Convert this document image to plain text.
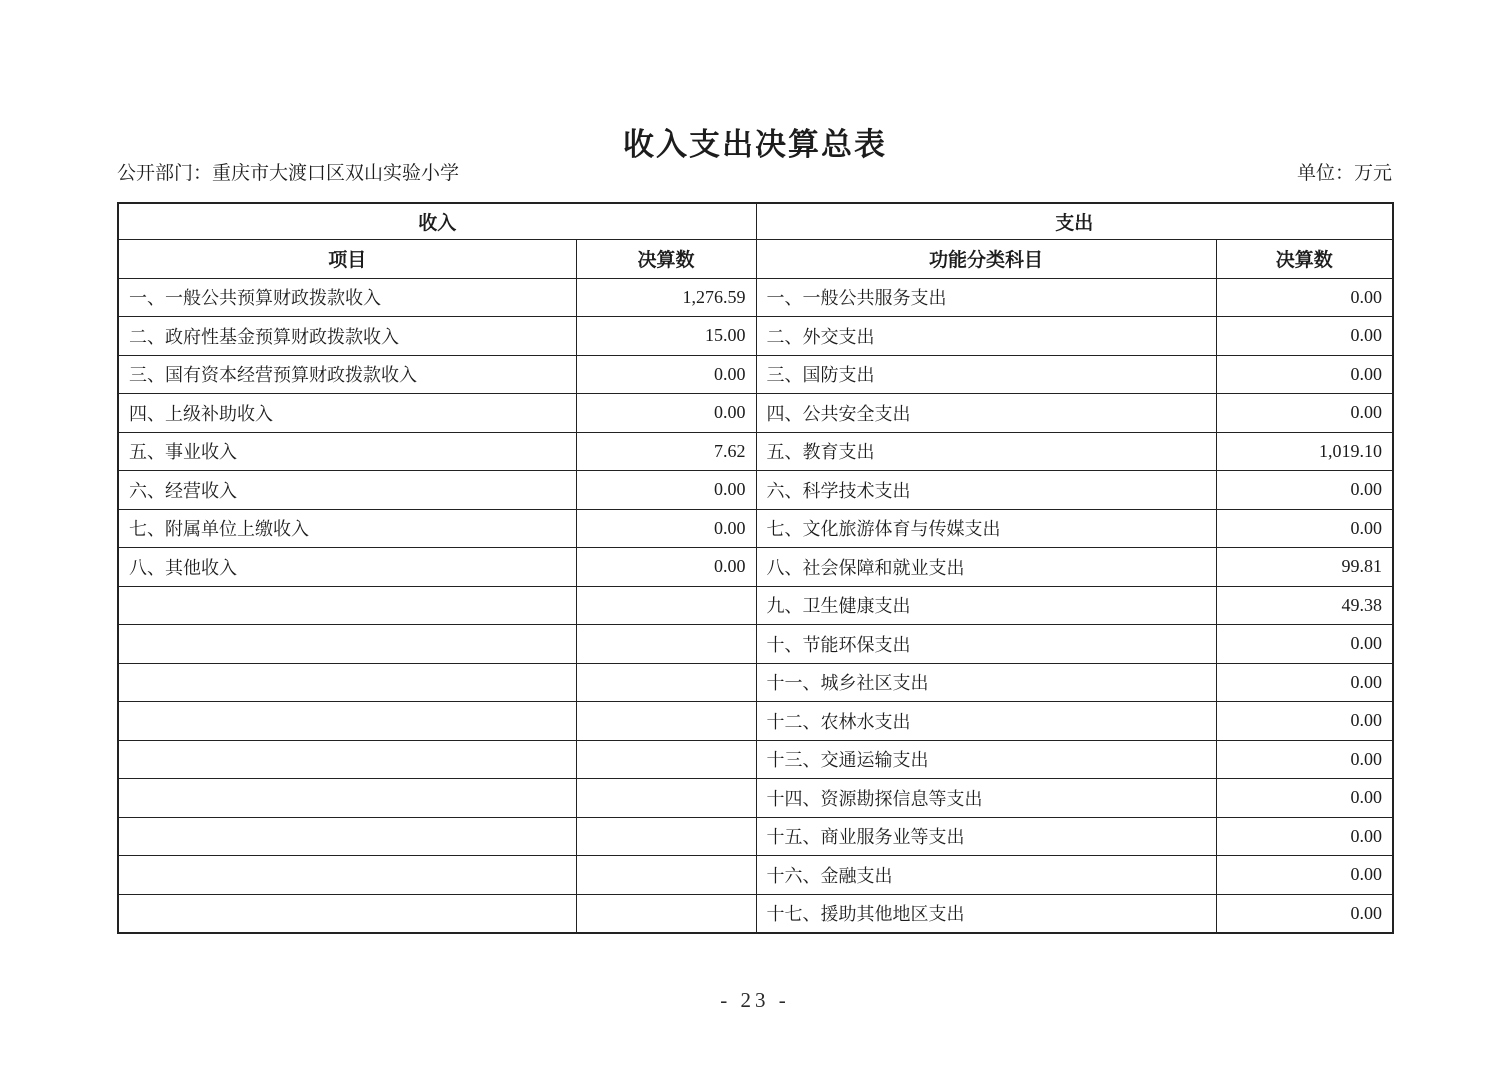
收入支出决算总表
公开部门：重庆市大渡口区双山实验小学	单位：万元
收入		支出	
项目	决算数	功能分类科目	决算数
一、一般公共预算财政拨款收入	1,276.59	一、一般公共服务支出	0.00
二、政府性基金预算财政拨款收入	15.00	二、外交支出	0.00
三、国有资本经营预算财政拨款收入	0.00	三、国防支出	0.00
四、上级补助收入	0.00	四、公共安全支出	0.00
五、事业收入	7.62	五、教育支出	1,019.10
六、经营收入	0.00	六、科学技术支出	0.00
七、附属单位上缴收入	0.00	七、文化旅游体育与传媒支出	0.00
八、其他收入	0.00	八、社会保障和就业支出	99.81
		九、卫生健康支出	49.38
		十、节能环保支出	0.00
		十一、城乡社区支出	0.00
		十二、农林水支出	0.00
		十三、交通运输支出	0.00
		十四、资源勘探信息等支出	0.00
		十五、商业服务业等支出	0.00
		十六、金融支出	0.00
		十七、援助其他地区支出	0.00
- 23 -
